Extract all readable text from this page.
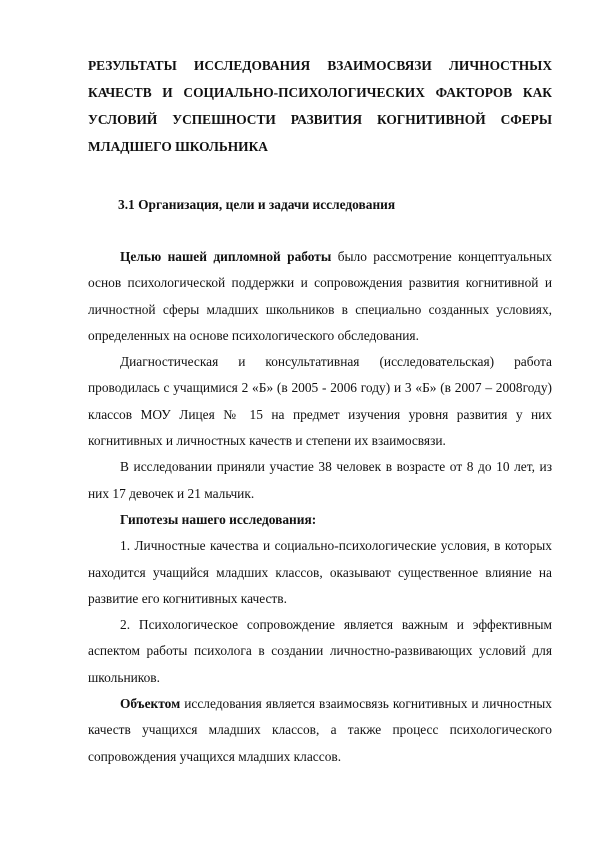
РЕЗУЛЬТАТЫ ИССЛЕДОВАНИЯ ВЗАИМОСВЯЗИ ЛИЧНОСТНЫХ КАЧЕСТВ И СОЦИАЛЬНО-ПСИХОЛОГИЧЕСКИХ ФАКТОРОВ КАК УСЛОВИЙ УСПЕШНОСТИ РАЗВИТИЯ КОГНИТИВНОЙ СФЕРЫ МЛАДШЕГО ШКОЛЬНИКА
3.1 Организация, цели и задачи исследования

Целью нашей дипломной работы было рассмотрение концептуальных основ психологической поддержки и сопровождения развития когнитивной и личностной сферы младших школьников в специально созданных условиях, определенных на основе психологического обследования.

Диагностическая и консультативная (исследовательская) работа проводилась с учащимися 2 «Б» (в 2005 - 2006 году) и 3 «Б» (в 2007 – 2008году) классов МОУ Лицея № 15 на предмет изучения уровня развития у них когнитивных и личностных качеств и степени их взаимосвязи.

В исследовании приняли участие 38 человек в возрасте от 8 до 10 лет, из них 17 девочек и 21 мальчик.

Гипотезы нашего исследования:

1. Личностные качества и социально-психологические условия, в которых находится учащийся младших классов, оказывают существенное влияние на развитие его когнитивных качеств.

2. Психологическое сопровождение является важным и эффективным аспектом работы психолога в создании личностно-развивающих условий для школьников.

Объектом исследования является взаимосвязь когнитивных и личностных качеств учащихся младших классов, а также процесс психологического сопровождения учащихся младших классов.
